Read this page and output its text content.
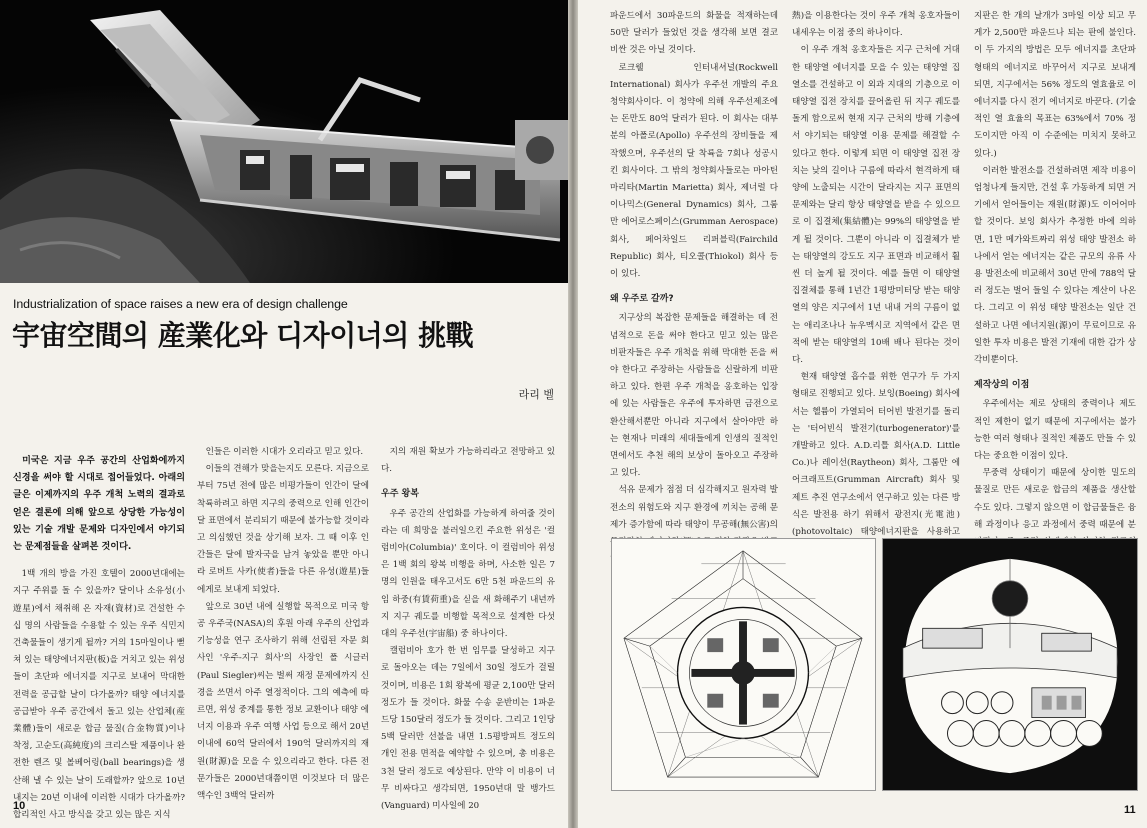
Industrialization of space raises a new era of design challenge
宇宙空間의 産業化와 디자이너의 挑戰
라리 벨

미국은 지금 우주 공간의 산업화에까지 신경을 써야 할 시대로 접어들었다. 아래의 글은 이제까지의 우주 개척 노력의 결과로 얻은 결론에 의해 앞으로 상당한 가능성이 있는 기술 개발 문제와 디자인에서 야기되는 문제점들을 살펴본 것이다.

1백 개의 방을 가진 호텔이 2000년대에는 지구 주위를 돌 수 있을까? 달이나 소유성(小遊星)에서 채취해 온 자재(資材)로 건설한 수십 명의 사람들을 수용할 수 있는 우주 식민지 건축물들이 생기게 될까? 거의 15마일이나 뻗쳐 있는 태양에너지판(板)을 거치고 있는 위성들이 초단파 에너지를 지구로 보내어 막대한 전력을 공급할 날이 다가올까? 태양 에너지를 공급받아 우주 공간에서 돌고 있는 산업체(産業體)들이 새로운 합금 물질(合金物質)이나 착정, 고순도(高純度)의 크리스탈 제품이나 완전한 렌즈 및 볼베어링(ball bearings)을 생산해 낼 수 있는 날이 도래할까? 앞으로 10년 내지는 20년 이내에 이러한 시대가 다가올까? 합리적인 사고 방식을 갖고 있는 많은 지식

인들은 이러한 시대가 오리라고 믿고 있다.

이들의 견해가 맞을는지도 모른다. 지금으로부터 75년 전에 많은 비평가들이 인간이 달에 착륙하려고 하면 지구의 중력으로 인해 인간이 달 표면에서 분리되기 때문에 불가능할 것이라고 의심했던 것을 상기해 보자. 그 때 이후 인간들은 달에 발자국을 남겨 놓았을 뿐만 아니라 로버트 사카(使者)들을 다른 유성(遊星)들에게로 보내게 되었다.

앞으로 30년 내에 실행할 목적으로 미국 항공 우주국(NASA)의 후원 아래 우주의 산업과 기능성을 연구 조사하기 위해 선립된 자문 회사인 '우주-지구 회사'의 사장인 폴 시글러(Paul Siegler)씨는 벌써 재정 문제에까지 신경을 쓰면서 아주 열정적이다. 그의 예측에 따르면, 위성 중계를 통한 정보 교환이나 태양 에너지 이용과 우주 여행 사업 등으로 해서 20년 이내에 60억 달러에서 190억 달러까지의 재원(財源)을 모을 수 있으리라고 한다. 다른 전문가들은 2000년대쯤이면 이것보다 더 많은 액수인 3백억 달러까

지의 재원 확보가 가능하리라고 전망하고 있다.

우주 왕복

우주 공간의 산업화를 가능하게 하여줄 것이라는 데 희망을 불러일으킨 주요한 위성은 '컬럼비아(Columbia)' 호이다. 이 컬럼비아 위성은 1백 회의 왕복 비행을 하며, 사소한 일은 7명의 인원을 태우고서도 6만 5천 파운드의 유임 하중(有賃荷重)을 싣을 새 화해주기 내년까지 지구 궤도를 비행할 목적으로 설계한 다섯 대의 우주선(宇宙船) 중 하나이다.

캘럼비아 호가 한 번 임무를 달성하고 지구로 돌아오는 데는 7일에서 30일 정도가 걸릴 것이며, 비용은 1회 왕복에 평균 2,100만 달러 정도가 들 것이다. 화물 수송 운반비는 1파운드당 150달러 정도가 들 것이다. 그리고 1인당 5백 달러만 선불을 내면 1.5평방피트 정도의 개인 전용 면적을 예약할 수 있으며, 총 비용은 3천 달러 정도로 예상된다. 만약 이 비용이 너무 비싸다고 생각되면, 1950년대 말 뱅가드(Vanguard) 미사일에 20

10

파운드에서 30파운드의 화물을 적재하는데 50만 달러가 들었던 것을 생각해 보면 결코 비싼 것은 아닐 것이다.

로크웰 인터내셔널(Rockwell International) 회사가 우주선 개발의 주요 청약회사이다. 이 청약에 의해 우주선제조에는 돈만도 80억 달러가 된다. 이 회사는 대부분의 아폴로(Apollo) 우주선의 장비들을 제작했으며, 우주선의 달 착륙을 7회나 성공시킨 회사이다. 그 밖의 청약회사들로는 마아틴 마리타(Martin Marietta) 회사, 제너럴 다이나믹스(General Dynamics) 회사, 그룸만 에어로스페이스(Grumman Aerospace) 회사, 페어차일드 리퍼블릭(Fairchild Republic) 회사, 티오콜(Thiokol) 회사 등이 있다.

왜 우주로 갈까?

지구상의 복잡한 문제들을 해결하는 데 전념적으로 돈을 써야 한다고 믿고 있는 많은 비판자들은 우주 개척을 위해 막대한 돈을 써야 한다고 주장하는 사람들을 신랄하게 비판하고 있다. 한편 우주 개척을 옹호하는 입장에 있는 사람들은 우주에 투자하면 금전으로 환산해서뿐만 아니라 지구에서 살아야만 하는 현재나 미래의 세대들에게 인생의 질적인 면에서도 추천 해의 보상이 돌아오고 주장하고 있다.

석유 문제가 점점 더 심각해지고 원자력 발전소의 위험도와 지구 환경에 끼치는 공해 문제가 증가함에 따라 태양이 무공해(無公害)의

熱)을 이용한다는 것이 우주 개척 옹호자들이 내세우는 이점 중의 하나이다.

이 우주 개척 옹호자들은 지구 근처에 거대한 태양열 에너지를 모을 수 있는 태양열 집열소를 건설하고 이 외과 지대의 기층으로 이 태양열 집전 장치를 끌어올린 뒤 지구 궤도를 돌게 함으로써 현재 지구 근처의 방해 기층에서 야기되는 태양열 이용 문제를 해결할 수 있다고 한다. 이렇게 되면 이 태양열 집전 장치는 낮의 길이나 구름에 따라서 현격하게 태양에 노출되는 시간이 달라지는 지구 표면의 문제와는 달리 항상 태양열을 받을 수 있으므로 이 집결체(集結體)는 99%의 태양열을 받게 될 것이다. 그뿐이 아니라 이 집결체가 받는 태양열의 강도도 지구 표면과 비교해서 훨씬 더 높게 될 것이다. 예를 들면 이 태양열 집결체를 통해 1년간 1평방미터당 받는 태양열의 양은 지구에서 1년 내내 거의 구름이 없는 애리조나나 뉴우멕시코 지역에서 같은 면적에 받는 태양열의 10배 배나 된다는 것이다.

현재 태양열 흡수를 위한 연구가 두 가지 형태로 진행되고 있다. 보잉(Boeing) 회사에서는 헬륨이 가열되어 터어빈 발전기를 돌리는 '터어빈식 발전기(turbogenerator)'를 개발하고 있다. A.D.리틀 회사(A.D. Little Co.)나 레이선(Raytheon) 회사, 그룸만 에어크래프트(Grumman Aircraft) 회사 및 제트 추진 연구소에서 연구하고 있는 다른 방식은 발전용 하기 위해서 광전지(光電池) (photovoltaic) 태양에너지판을 사용하고

지판은 한 개의 날개가 3마일 이상 되고 무게가 2,500만 파운드나 되는 판에 불인다. 이 두 가지의 방법은 모두 에너지를 초단파 형태의 에너지로 바꾸어서 지구로 보내게 되면, 지구에서는 56% 정도의 열효율로 이 에너지를 다시 전기 에너지로 바꾼다. (기술적인 열 효율의 목표는 63%에서 70% 정도이지만 아직 이 수준에는 미치지 못하고 있다.)

이러한 발전소를 건설하려면 제작 비용이 엄청나게 들지만, 건설 후 가동하게 되면 거기에서 얻어들이는 재원(財源)도 이어어마할 것이다. 보잉 회사가 추정한 바에 의하면, 1만 메가와트짜리 위성 태양 발전소 하나에서 얻는 에너지는 같은 규모의 유류 사용 발전소에 비교해서 30년 만에 788억 달러 정도는 벌어 들일 수 있다는 계산이 나온다. 그리고 이 위성 태양 발전소는 일단 건설하고 나면 에너지원(源)이 무료이므로 유일한 투자 비용은 발전 기재에 대한 감가 상각비뿐이다.

제작상의 이점

우주에서는 제로 상태의 중력이나 제도 적인 제한이 없기 때문에 지구에서는 불가능한 여러 형태나 질적인 제품도 만들 수 있다는 중요한 이점이 있다.

무중력 상태이기 때문에 상이한 밀도의 물질로 만든 새로운 합금의 제품을 생산할 수도 있다. 그렇지 않으면 이 합금물들은 융해 과정이나 응고 과정에서 중력 때문에 분

11
